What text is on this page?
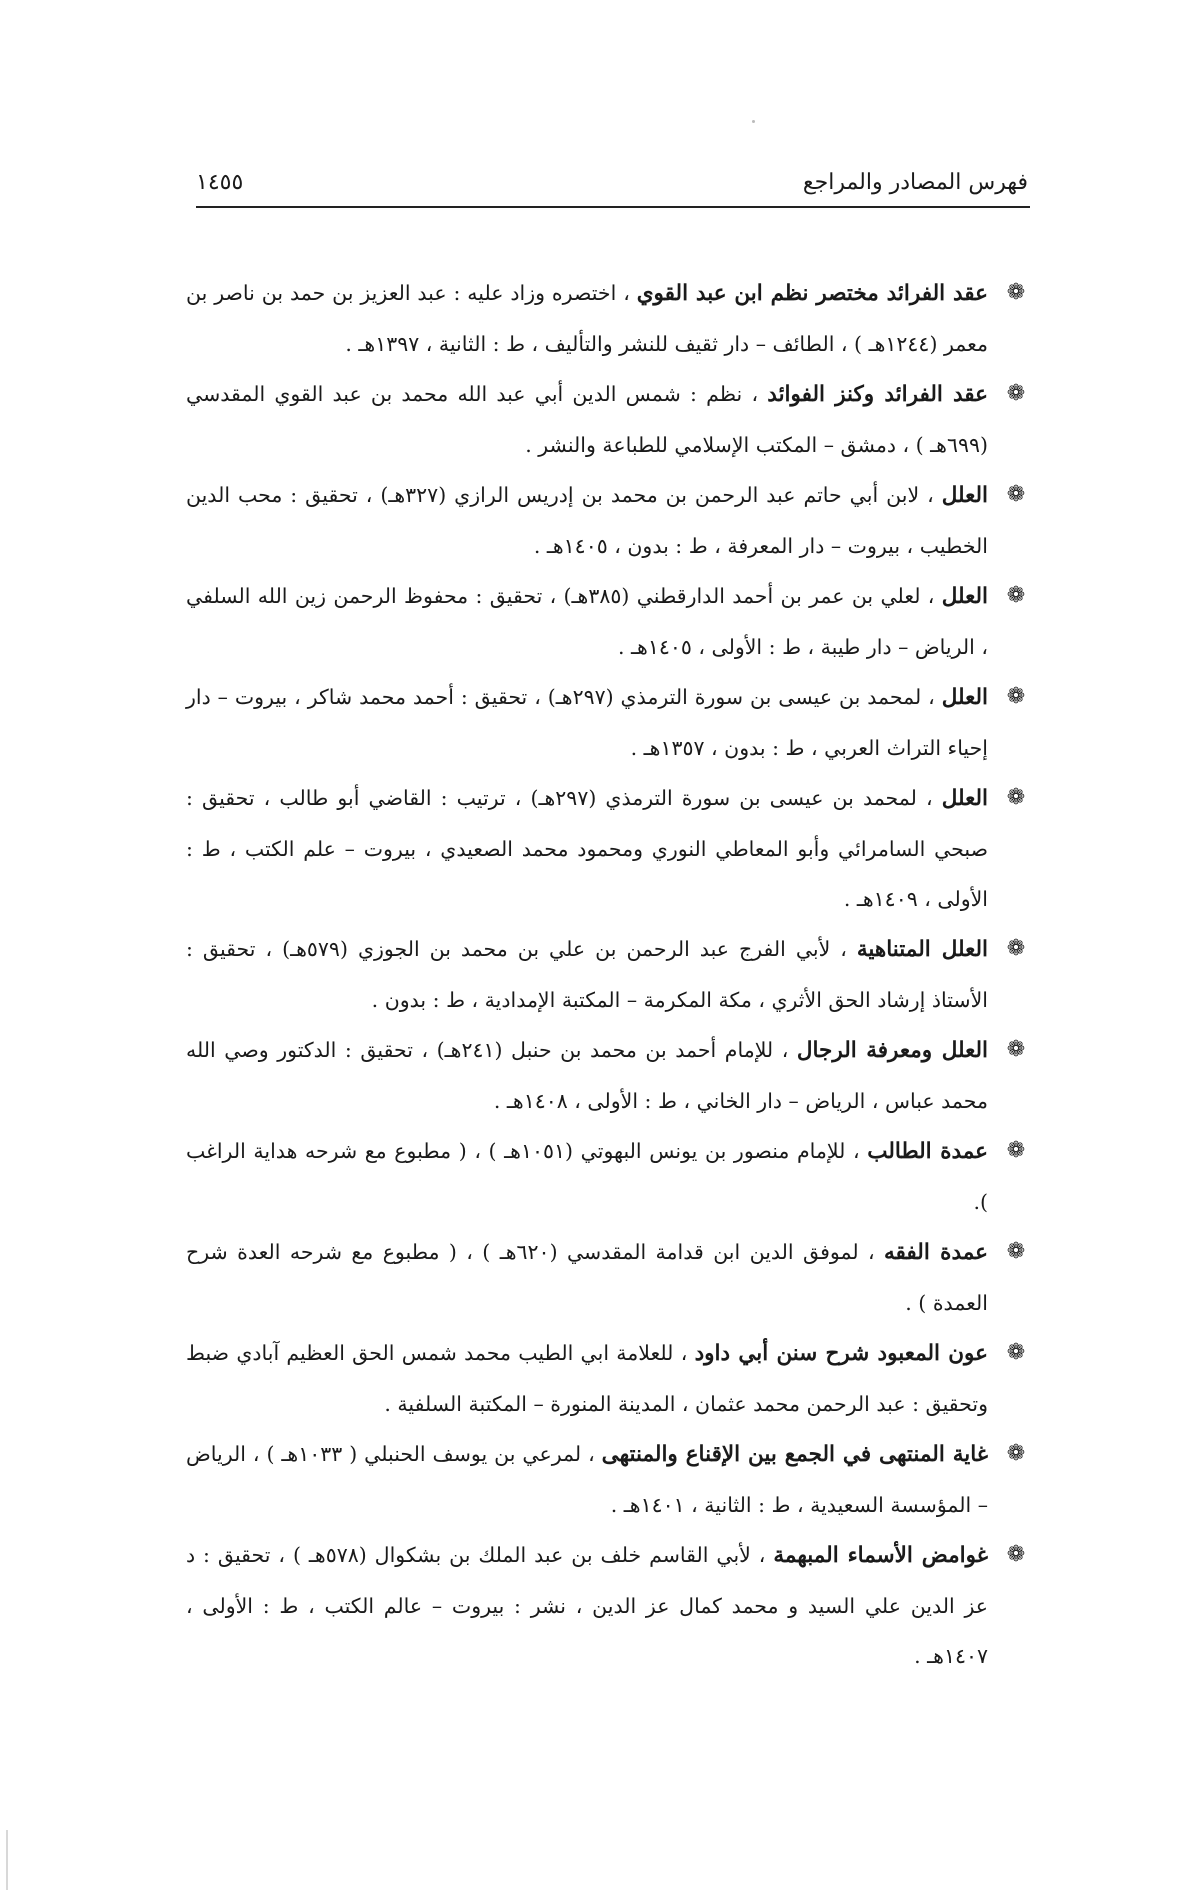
فهرس المصادر والمراجع
١٤٥٥

❁
عقد الفرائد مختصر نظم ابن عبد القوي ، اختصره وزاد عليه : عبد العزيز بن حمد بن ناصر بن معمر (١٢٤٤هـ ) ، الطائف – دار ثقيف للنشر والتأليف ، ط : الثانية ، ١٣٩٧هـ .

❁
عقد الفرائد وكنز الفوائد ، نظم : شمس الدين أبي عبد الله محمد بن عبد القوي المقدسي (٦٩٩هـ ) ، دمشق – المكتب الإسلامي للطباعة والنشر .

❁
العلل ، لابن أبي حاتم عبد الرحمن بن محمد بن إدريس الرازي (٣٢٧هـ) ، تحقيق : محب الدين الخطيب ، بيروت – دار المعرفة ، ط : بدون ، ١٤٠٥هـ .

❁
العلل ، لعلي بن عمر بن أحمد الدارقطني (٣٨٥هـ) ، تحقيق : محفوظ الرحمن زين الله السلفي ، الرياض – دار طيبة ، ط : الأولى ، ١٤٠٥هـ .

❁
العلل ، لمحمد بن عيسى بن سورة الترمذي (٢٩٧هـ) ، تحقيق : أحمد محمد شاكر ، بيروت – دار إحياء التراث العربي ، ط : بدون ، ١٣٥٧هـ .

❁
العلل ، لمحمد بن عيسى بن سورة الترمذي (٢٩٧هـ) ، ترتيب : القاضي أبو طالب ، تحقيق : صبحي السامرائي وأبو المعاطي النوري ومحمود محمد الصعيدي ، بيروت – علم الكتب ، ط : الأولى ، ١٤٠٩هـ .

❁
العلل المتناهية ، لأبي الفرج عبد الرحمن بن علي بن محمد بن الجوزي (٥٧٩هـ) ، تحقيق : الأستاذ إرشاد الحق الأثري ، مكة المكرمة – المكتبة الإمدادية ، ط : بدون .

❁
العلل ومعرفة الرجال ، للإمام أحمد بن محمد بن حنبل (٢٤١هـ) ، تحقيق : الدكتور وصي الله محمد عباس ، الرياض – دار الخاني ، ط : الأولى ، ١٤٠٨هـ .

❁
عمدة الطالب ، للإمام منصور بن يونس البهوتي (١٠٥١هـ ) ، ( مطبوع مع شرحه هداية الراغب ).

❁
عمدة الفقه ، لموفق الدين ابن قدامة المقدسي (٦٢٠هـ ) ، ( مطبوع مع شرحه العدة شرح العمدة ) .

❁
عون المعبود شرح سنن أبي داود ، للعلامة ابي الطيب محمد شمس الحق العظيم آبادي ضبط وتحقيق : عبد الرحمن محمد عثمان ، المدينة المنورة – المكتبة السلفية .

❁
غاية المنتهى في الجمع بين الإقناع والمنتهى ، لمرعي بن يوسف الحنبلي ( ١٠٣٣هـ ) ، الرياض – المؤسسة السعيدية ، ط : الثانية ، ١٤٠١هـ .

❁
غوامض الأسماء المبهمة ، لأبي القاسم خلف بن عبد الملك بن بشكوال (٥٧٨هـ ) ، تحقيق : د عز الدين علي السيد و محمد كمال عز الدين ، نشر : بيروت – عالم الكتب ، ط : الأولى ، ١٤٠٧هـ .
